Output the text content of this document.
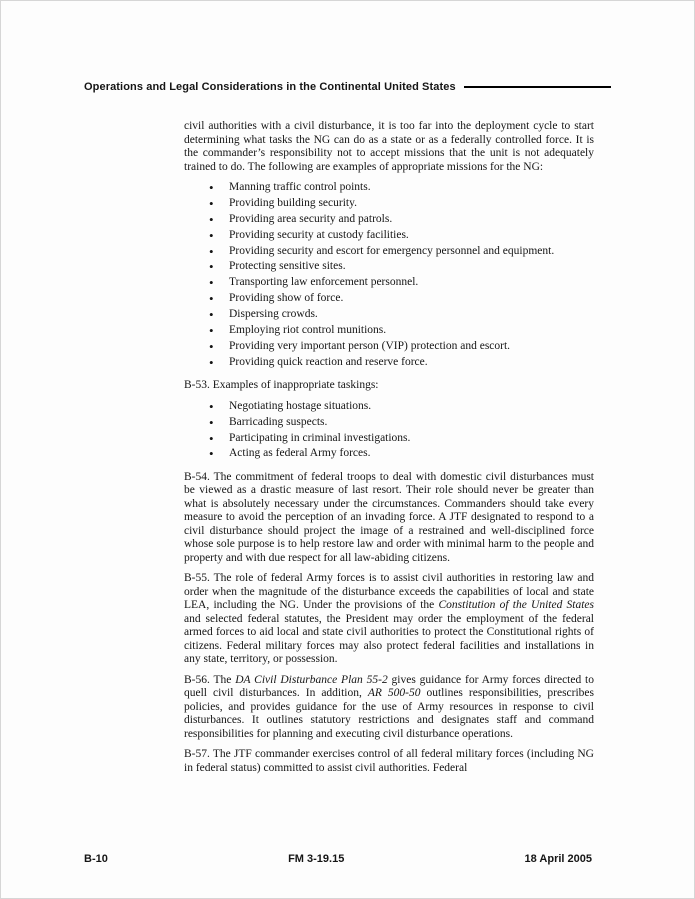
Operations and Legal Considerations in the Continental United States

civil authorities with a civil disturbance, it is too far into the deployment cycle to start determining what tasks the NG can do as a state or as a federally controlled force. It is the commander’s responsibility not to accept missions that the unit is not adequately trained to do. The following are examples of appropriate missions for the NG:

• Manning traffic control points.
• Providing building security.
• Providing area security and patrols.
• Providing security at custody facilities.
• Providing security and escort for emergency personnel and equipment.
• Protecting sensitive sites.
• Transporting law enforcement personnel.
• Providing show of force.
• Dispersing crowds.
• Employing riot control munitions.
• Providing very important person (VIP) protection and escort.
• Providing quick reaction and reserve force.

B-53. Examples of inappropriate taskings:

• Negotiating hostage situations.
• Barricading suspects.
• Participating in criminal investigations.
• Acting as federal Army forces.

B-54. The commitment of federal troops to deal with domestic civil disturbances must be viewed as a drastic measure of last resort. Their role should never be greater than what is absolutely necessary under the circumstances. Commanders should take every measure to avoid the perception of an invading force. A JTF designated to respond to a civil disturbance should project the image of a restrained and well-disciplined force whose sole purpose is to help restore law and order with minimal harm to the people and property and with due respect for all law-abiding citizens.

B-55. The role of federal Army forces is to assist civil authorities in restoring law and order when the magnitude of the disturbance exceeds the capabilities of local and state LEA, including the NG. Under the provisions of the Constitution of the United States and selected federal statutes, the President may order the employment of the federal armed forces to aid local and state civil authorities to protect the Constitutional rights of citizens. Federal military forces may also protect federal facilities and installations in any state, territory, or possession.

B-56. The DA Civil Disturbance Plan 55-2 gives guidance for Army forces directed to quell civil disturbances. In addition, AR 500-50 outlines responsibilities, prescribes policies, and provides guidance for the use of Army resources in response to civil disturbances. It outlines statutory restrictions and designates staff and command responsibilities for planning and executing civil disturbance operations.

B-57. The JTF commander exercises control of all federal military forces (including NG in federal status) committed to assist civil authorities. Federal

B-10	FM 3-19.15	18 April 2005
